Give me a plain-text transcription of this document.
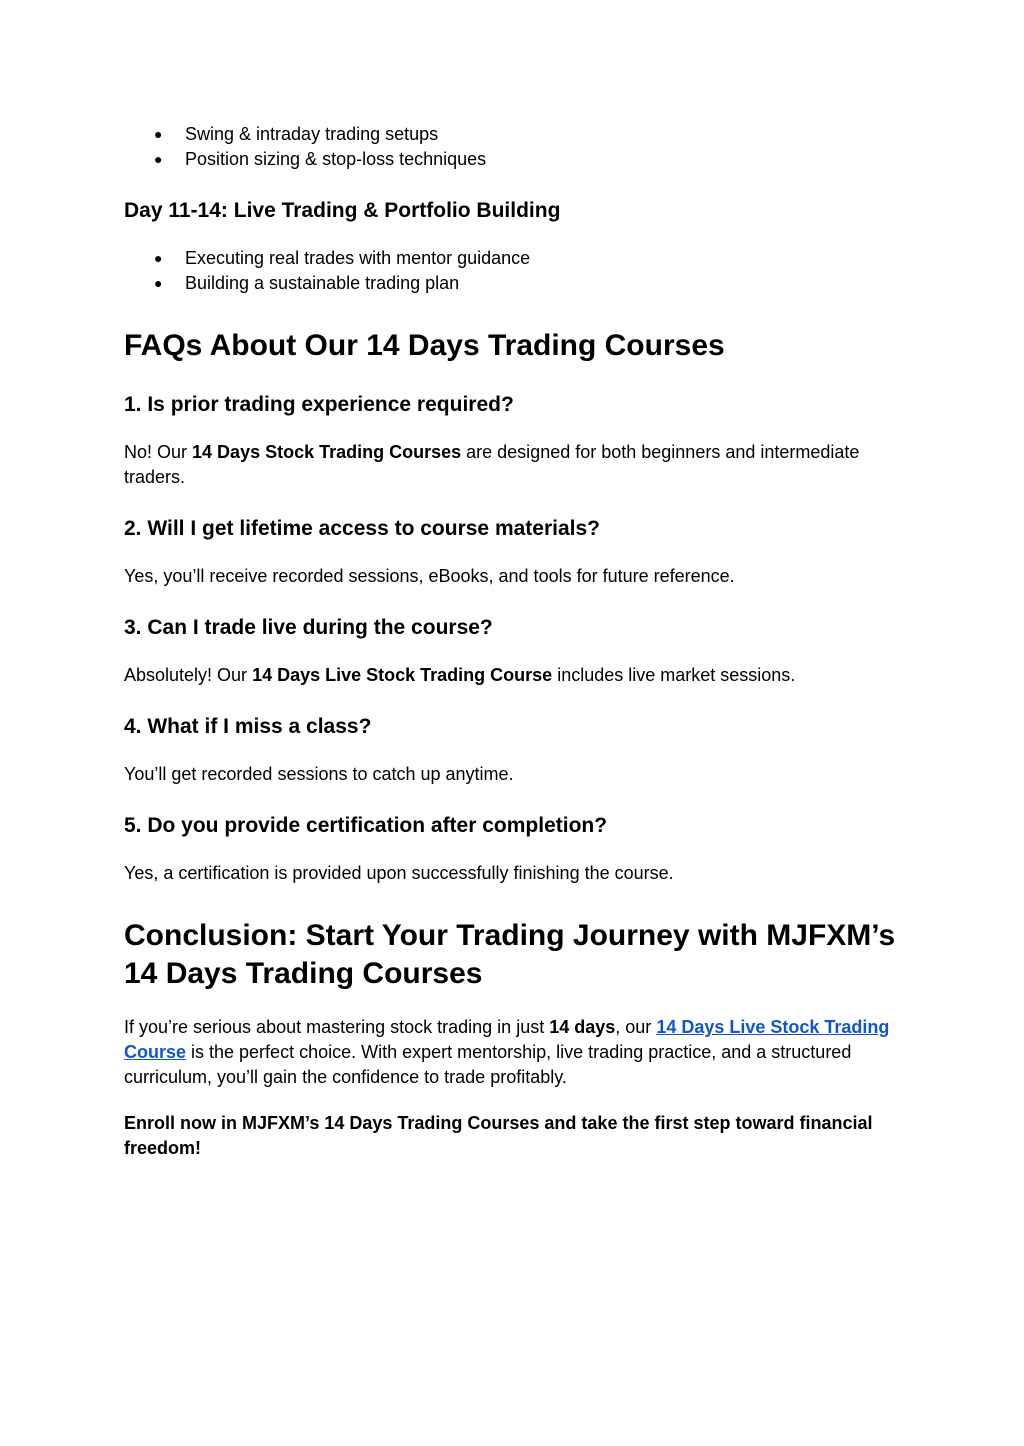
● Swing & intraday trading setups
● Position sizing & stop-loss techniques
Day 11-14: Live Trading & Portfolio Building
● Executing real trades with mentor guidance
● Building a sustainable trading plan
FAQs About Our 14 Days Trading Courses
1. Is prior trading experience required?

No! Our 14 Days Stock Trading Courses are designed for both beginners and intermediate traders.

2. Will I get lifetime access to course materials?

Yes, you’ll receive recorded sessions, eBooks, and tools for future reference.

3. Can I trade live during the course?

Absolutely! Our 14 Days Live Stock Trading Course includes live market sessions.

4. What if I miss a class?

You’ll get recorded sessions to catch up anytime.

5. Do you provide certification after completion?

Yes, a certification is provided upon successfully finishing the course.

Conclusion: Start Your Trading Journey with MJFXM’s 14 Days Trading Courses

If you’re serious about mastering stock trading in just 14 days, our 14 Days Live Stock Trading Course is the perfect choice. With expert mentorship, live trading practice, and a structured curriculum, you’ll gain the confidence to trade profitably.

Enroll now in MJFXM’s 14 Days Trading Courses and take the first step toward financial freedom!
